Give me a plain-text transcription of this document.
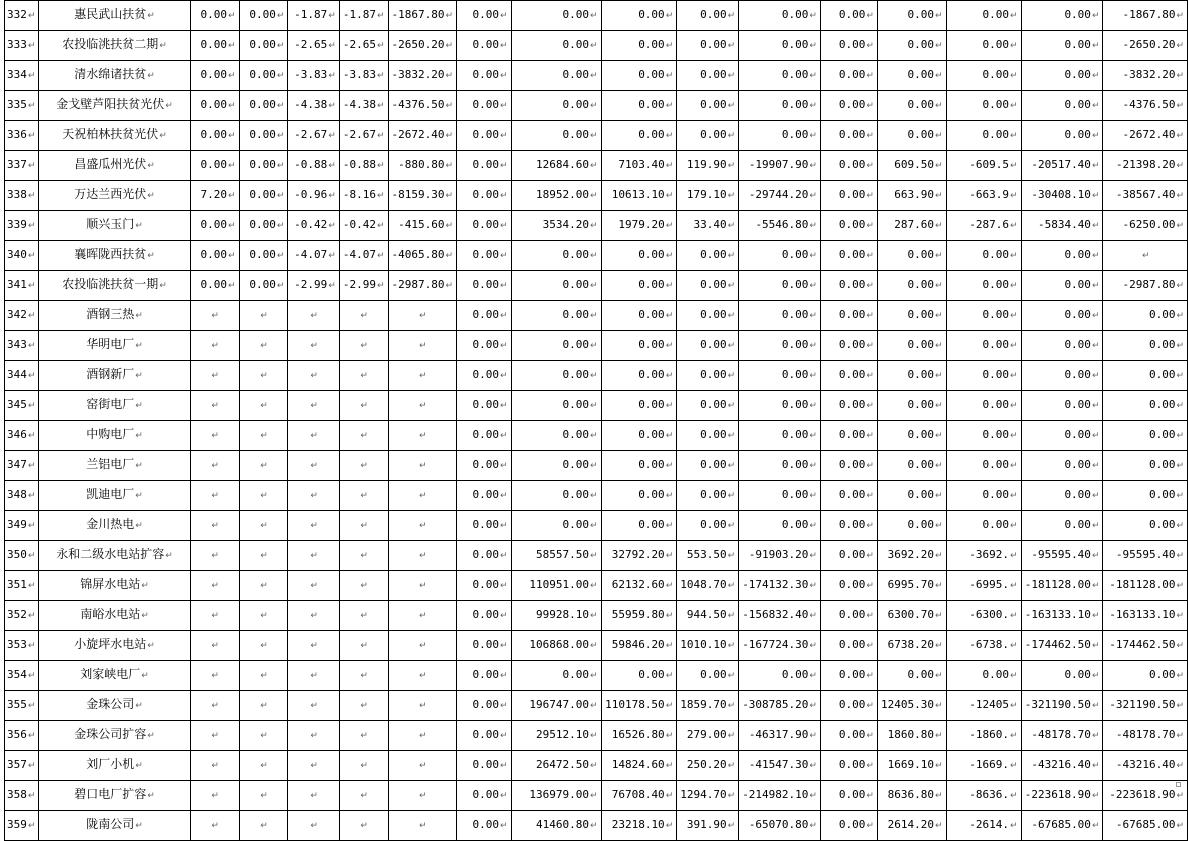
332↵	惠民武山扶贫↵	0.00↵	0.00↵	-1.87↵	-1.87↵	-1867.80↵	0.00↵	0.00↵	0.00↵	0.00↵	0.00↵	0.00↵	0.00↵	0.00↵	0.00↵	-1867.80↵
333↵	农投临洮扶贫二期↵	0.00↵	0.00↵	-2.65↵	-2.65↵	-2650.20↵	0.00↵	0.00↵	0.00↵	0.00↵	0.00↵	0.00↵	0.00↵	0.00↵	0.00↵	-2650.20↵
334↵	清水绵诸扶贫↵	0.00↵	0.00↵	-3.83↵	-3.83↵	-3832.20↵	0.00↵	0.00↵	0.00↵	0.00↵	0.00↵	0.00↵	0.00↵	0.00↵	0.00↵	-3832.20↵
335↵	金戈壁芦阳扶贫光伏↵	0.00↵	0.00↵	-4.38↵	-4.38↵	-4376.50↵	0.00↵	0.00↵	0.00↵	0.00↵	0.00↵	0.00↵	0.00↵	0.00↵	0.00↵	-4376.50↵
336↵	天祝柏林扶贫光伏↵	0.00↵	0.00↵	-2.67↵	-2.67↵	-2672.40↵	0.00↵	0.00↵	0.00↵	0.00↵	0.00↵	0.00↵	0.00↵	0.00↵	0.00↵	-2672.40↵
337↵	昌盛瓜州光伏↵	0.00↵	0.00↵	-0.88↵	-0.88↵	-880.80↵	0.00↵	12684.60↵	7103.40↵	119.90↵	-19907.90↵	0.00↵	609.50↵	-609.5↵	-20517.40↵	-21398.20↵
338↵	万达兰西光伏↵	7.20↵	0.00↵	-0.96↵	-8.16↵	-8159.30↵	0.00↵	18952.00↵	10613.10↵	179.10↵	-29744.20↵	0.00↵	663.90↵	-663.9↵	-30408.10↵	-38567.40↵
339↵	顺兴玉门↵	0.00↵	0.00↵	-0.42↵	-0.42↵	-415.60↵	0.00↵	3534.20↵	1979.20↵	33.40↵	-5546.80↵	0.00↵	287.60↵	-287.6↵	-5834.40↵	-6250.00↵
340↵	襄晖陇西扶贫↵	0.00↵	0.00↵	-4.07↵	-4.07↵	-4065.80↵	0.00↵	0.00↵	0.00↵	0.00↵	0.00↵	0.00↵	0.00↵	0.00↵	0.00↵	↵
341↵	农投临洮扶贫一期↵	0.00↵	0.00↵	-2.99↵	-2.99↵	-2987.80↵	0.00↵	0.00↵	0.00↵	0.00↵	0.00↵	0.00↵	0.00↵	0.00↵	0.00↵	-2987.80↵
342↵	酒钢三热↵	↵	↵	↵	↵	↵	0.00↵	0.00↵	0.00↵	0.00↵	0.00↵	0.00↵	0.00↵	0.00↵	0.00↵	0.00↵
343↵	华明电厂↵	↵	↵	↵	↵	↵	0.00↵	0.00↵	0.00↵	0.00↵	0.00↵	0.00↵	0.00↵	0.00↵	0.00↵	0.00↵
344↵	酒钢新厂↵	↵	↵	↵	↵	↵	0.00↵	0.00↵	0.00↵	0.00↵	0.00↵	0.00↵	0.00↵	0.00↵	0.00↵	0.00↵
345↵	窑街电厂↵	↵	↵	↵	↵	↵	0.00↵	0.00↵	0.00↵	0.00↵	0.00↵	0.00↵	0.00↵	0.00↵	0.00↵	0.00↵
346↵	中购电厂↵	↵	↵	↵	↵	↵	0.00↵	0.00↵	0.00↵	0.00↵	0.00↵	0.00↵	0.00↵	0.00↵	0.00↵	0.00↵
347↵	兰铝电厂↵	↵	↵	↵	↵	↵	0.00↵	0.00↵	0.00↵	0.00↵	0.00↵	0.00↵	0.00↵	0.00↵	0.00↵	0.00↵
348↵	凯迪电厂↵	↵	↵	↵	↵	↵	0.00↵	0.00↵	0.00↵	0.00↵	0.00↵	0.00↵	0.00↵	0.00↵	0.00↵	0.00↵
349↵	金川热电↵	↵	↵	↵	↵	↵	0.00↵	0.00↵	0.00↵	0.00↵	0.00↵	0.00↵	0.00↵	0.00↵	0.00↵	0.00↵
350↵	永和二级水电站扩容↵	↵	↵	↵	↵	↵	0.00↵	58557.50↵	32792.20↵	553.50↵	-91903.20↵	0.00↵	3692.20↵	-3692.↵	-95595.40↵	-95595.40↵
351↵	锦屏水电站↵	↵	↵	↵	↵	↵	0.00↵	110951.00↵	62132.60↵	1048.70↵	-174132.30↵	0.00↵	6995.70↵	-6995.↵	-181128.00↵	-181128.00↵
352↵	南峪水电站↵	↵	↵	↵	↵	↵	0.00↵	99928.10↵	55959.80↵	944.50↵	-156832.40↵	0.00↵	6300.70↵	-6300.↵	-163133.10↵	-163133.10↵
353↵	小旋坪水电站↵	↵	↵	↵	↵	↵	0.00↵	106868.00↵	59846.20↵	1010.10↵	-167724.30↵	0.00↵	6738.20↵	-6738.↵	-174462.50↵	-174462.50↵
354↵	刘家峡电厂↵	↵	↵	↵	↵	↵	0.00↵	0.00↵	0.00↵	0.00↵	0.00↵	0.00↵	0.00↵	0.00↵	0.00↵	0.00↵
355↵	金珠公司↵	↵	↵	↵	↵	↵	0.00↵	196747.00↵	110178.50↵	1859.70↵	-308785.20↵	0.00↵	12405.30↵	-12405↵	-321190.50↵	-321190.50↵
356↵	金珠公司扩容↵	↵	↵	↵	↵	↵	0.00↵	29512.10↵	16526.80↵	279.00↵	-46317.90↵	0.00↵	1860.80↵	-1860.↵	-48178.70↵	-48178.70↵
357↵	刘厂小机↵	↵	↵	↵	↵	↵	0.00↵	26472.50↵	14824.60↵	250.20↵	-41547.30↵	0.00↵	1669.10↵	-1669.↵	-43216.40↵	-43216.40↵
358↵	碧口电厂扩容↵	↵	↵	↵	↵	↵	0.00↵	136979.00↵	76708.40↵	1294.70↵	-214982.10↵	0.00↵	8636.80↵	-8636.↵	-223618.90↵	-223618.90↵
359↵	陇南公司↵	↵	↵	↵	↵	↵	0.00↵	41460.80↵	23218.10↵	391.90↵	-65070.80↵	0.00↵	2614.20↵	-2614.↵	-67685.00↵	-67685.00↵
